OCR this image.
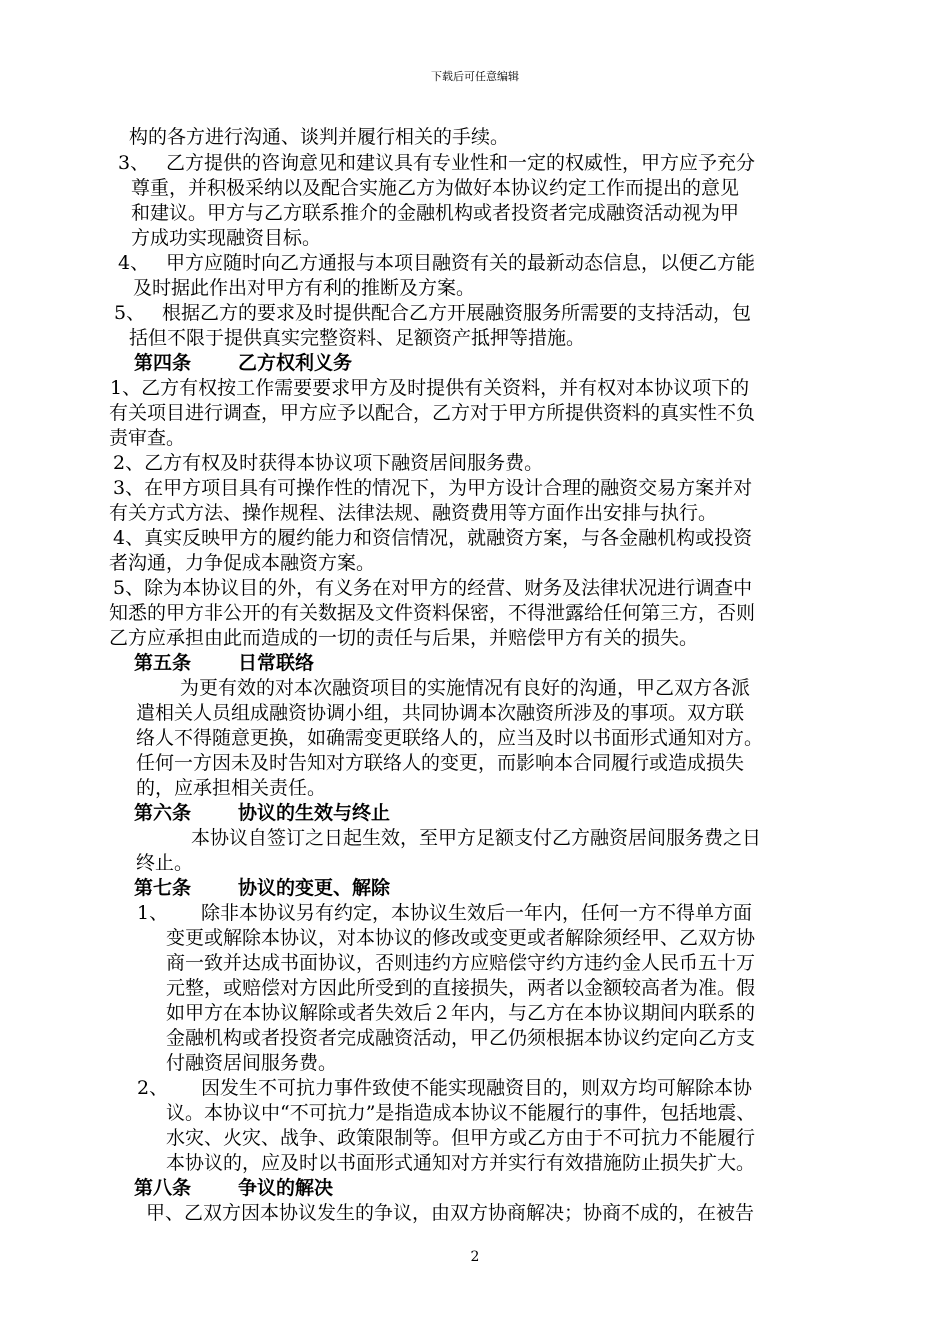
下载后可任意编辑
构的各方进行沟通、谈判并履行相关的手续。
3、 乙方提供的咨询意见和建议具有专业性和一定的权威性，甲方应予充分
尊重，并积极采纳以及配合实施乙方为做好本协议约定工作而提出的意见
和建议。甲方与乙方联系推介的金融机构或者投资者完成融资活动视为甲
方成功实现融资目标。
4、 甲方应随时向乙方通报与本项目融资有关的最新动态信息，以便乙方能
及时据此作出对甲方有利的推断及方案。
5、 根据乙方的要求及时提供配合乙方开展融资服务所需要的支持活动，包
括但不限于提供真实完整资料、足额资产抵押等措施。
第四条 乙方权利义务
1、乙方有权按工作需要要求甲方及时提供有关资料，并有权对本协议项下的
有关项目进行调查，甲方应予以配合，乙方对于甲方所提供资料的真实性不负
责审查。
2、乙方有权及时获得本协议项下融资居间服务费。
3、在甲方项目具有可操作性的情况下，为甲方设计合理的融资交易方案并对
有关方式方法、操作规程、法律法规、融资费用等方面作出安排与执行。
4、真实反映甲方的履约能力和资信情况，就融资方案，与各金融机构或投资
者沟通，力争促成本融资方案。
5、除为本协议目的外，有义务在对甲方的经营、财务及法律状况进行调查中
知悉的甲方非公开的有关数据及文件资料保密，不得泄露给任何第三方，否则
乙方应承担由此而造成的一切的责任与后果，并赔偿甲方有关的损失。
第五条 日常联络
为更有效的对本次融资项目的实施情况有良好的沟通，甲乙双方各派
遣相关人员组成融资协调小组，共同协调本次融资所涉及的事项。双方联
络人不得随意更换，如确需变更联络人的，应当及时以书面形式通知对方。
任何一方因未及时告知对方联络人的变更，而影响本合同履行或造成损失
的，应承担相关责任。
第六条 协议的生效与终止
本协议自签订之日起生效，至甲方足额支付乙方融资居间服务费之日
终止。
第七条 协议的变更、解除
1、 除非本协议另有约定，本协议生效后一年内，任何一方不得单方面
变更或解除本协议，对本协议的修改或变更或者解除须经甲、乙双方协
商一致并达成书面协议，否则违约方应赔偿守约方违约金人民币五十万
元整，或赔偿对方因此所受到的直接损失，两者以金额较高者为准。假
如甲方在本协议解除或者失效后２年内，与乙方在本协议期间内联系的
金融机构或者投资者完成融资活动，甲乙仍须根据本协议约定向乙方支
付融资居间服务费。
2、 因发生不可抗力事件致使不能实现融资目的，则双方均可解除本协
议。本协议中“不可抗力”是指造成本协议不能履行的事件，包括地震、
水灾、火灾、战争、政策限制等。但甲方或乙方由于不可抗力不能履行
本协议的，应及时以书面形式通知对方并实行有效措施防止损失扩大。
第八条 争议的解决
甲、乙双方因本协议发生的争议，由双方协商解决；协商不成的，在被告
2
